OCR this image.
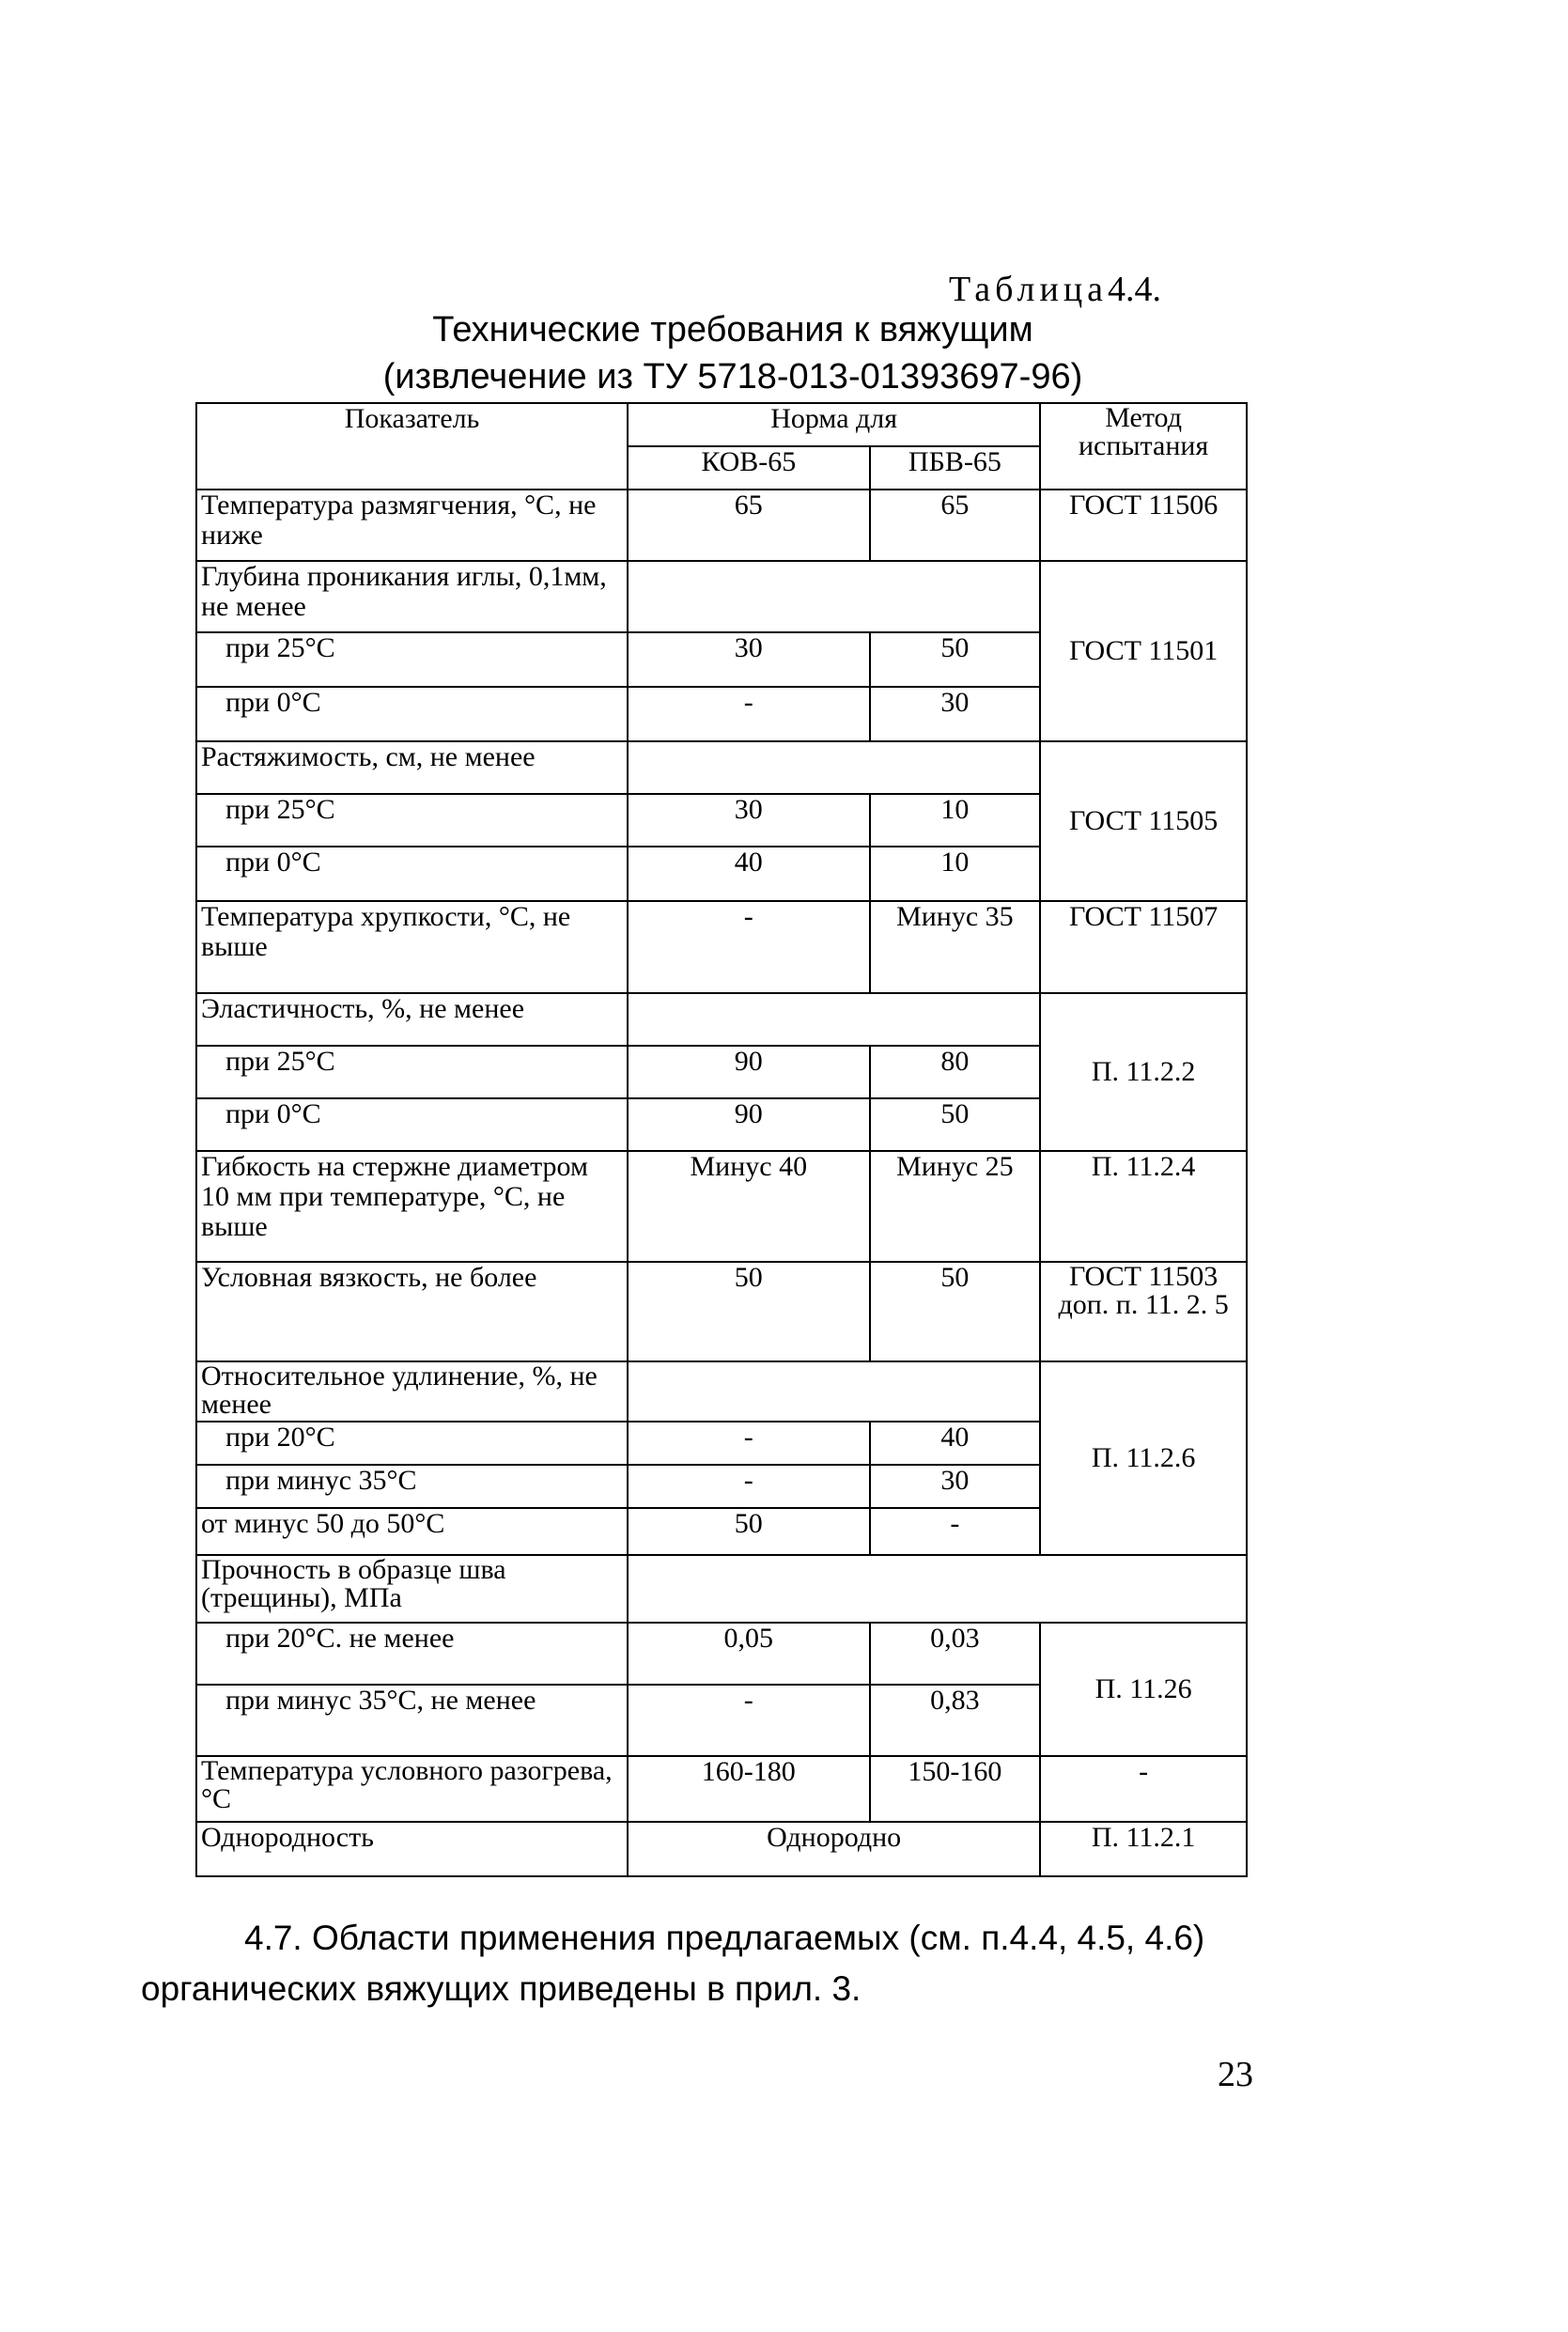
Таблица4.4.
Технические требования к вяжущим
(извлечение из ТУ 5718-013-01393697-96)
Показатель	Норма для		Метод испытания
	КОВ-65	ПБВ-65	
Температура размягчения, °С, не ниже	65	65	ГОСТ 11506
Глубина проникания иглы, 0,1мм, не менее			ГОСТ 11501
при 25°С	30	50	
при 0°С	-	30	
Растяжимость, см, не менее			ГОСТ 11505
при 25°С	30	10	
при 0°С	40	10	
Температура хрупкости, °С, не выше	-	Минус 35	ГОСТ 11507
Эластичность, %, не менее			П. 11.2.2
при 25°С	90	80	
при 0°С	90	50	
Гибкость на стержне диаметром 10 мм при температуре, °С, не выше	Минус 40	Минус 25	П. 11.2.4
Условная вязкость, не более	50	50	ГОСТ 11503 доп. п. 11. 2. 5
Относительное удлинение, %, не менее			П. 11.2.6
при 20°С	-	40	
при минус 35°С	-	30	
от минус 50 до 50°С	50	-	
Прочность в образце шва (трещины), МПа			
при 20°С. не менее	0,05	0,03	П. 11.26
при минус 35°С, не менее	-	0,83	
Температура условного разогрева, °С	160-180	150-160	-
Однородность	Однородно		П. 11.2.1
4.7. Области применения предлагаемых (см. п.4.4, 4.5, 4.6)
органических вяжущих приведены в прил. 3.
23
